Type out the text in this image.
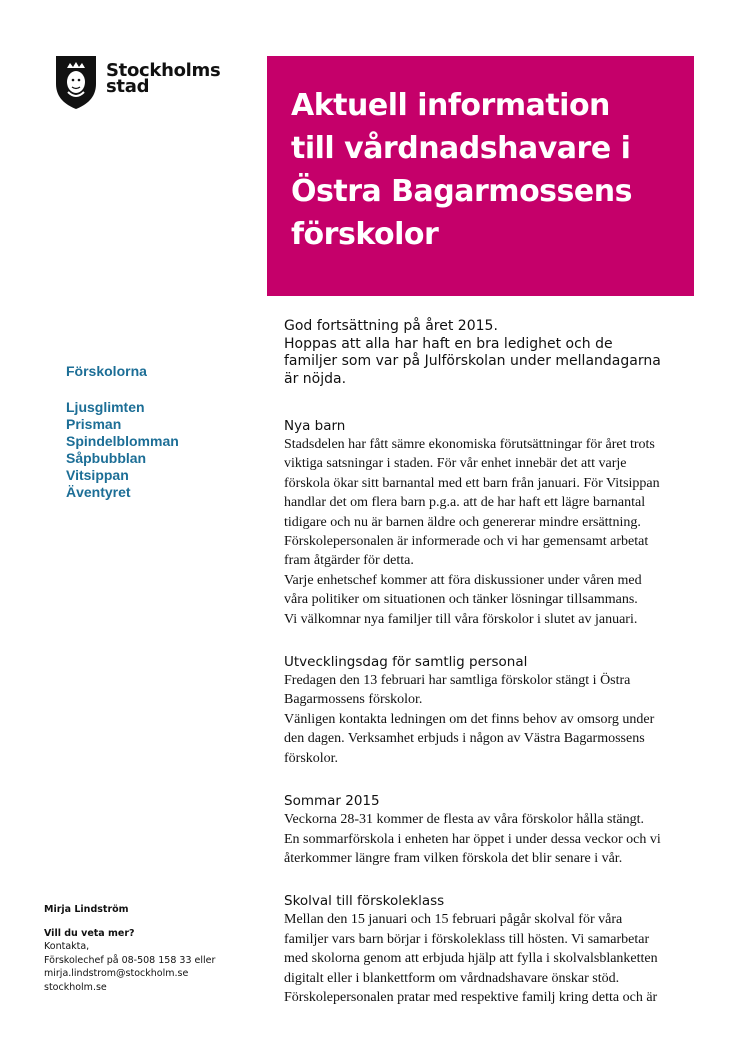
Stockholms
stad
Aktuell information
till vårdnadshavare i
Östra Bagarmossens
förskolor
Förskolorna
Ljusglimten
Prisman
Spindelblomman
Såpbubblan
Vitsippan
Äventyret
Mirja Lindström
Vill du veta mer?
Kontakta,
Förskolechef på 08-508 158 33 eller
mirja.lindstrom@stockholm.se
stockholm.se
God fortsättning på året 2015.
Hoppas att alla har haft en bra ledighet och de
familjer som var på Julförskolan under mellandagarna
är nöjda.
Nya barn

Stadsdelen har fått sämre ekonomiska förutsättningar för året trots

viktiga satsningar i staden. För vår enhet innebär det att varje

förskola ökar sitt barnantal med ett barn från januari. För Vitsippan

handlar det om flera barn p.g.a. att de har haft ett lägre barnantal

tidigare och nu är barnen äldre och genererar mindre ersättning.

Förskolepersonalen är informerade och vi har gemensamt arbetat

fram åtgärder för detta.

Varje enhetschef kommer att föra diskussioner under våren med

våra politiker om situationen och tänker lösningar tillsammans.

Vi välkomnar nya familjer till våra förskolor i slutet av januari.

Utvecklingsdag för samtlig personal

Fredagen den 13 februari har samtliga förskolor stängt i Östra

Bagarmossens förskolor.

Vänligen kontakta ledningen om det finns behov av omsorg under

den dagen. Verksamhet erbjuds i någon av Västra Bagarmossens

förskolor.

Sommar 2015

Veckorna 28-31 kommer de flesta av våra förskolor hålla stängt.

En sommarförskola i enheten har öppet i under dessa veckor och vi

återkommer längre fram vilken förskola det blir senare i vår.

Skolval till förskoleklass

Mellan den 15 januari och 15 februari pågår skolval för våra

familjer vars barn börjar i förskoleklass till hösten. Vi samarbetar

med skolorna genom att erbjuda hjälp att fylla i skolvalsblanketten

digitalt eller i blankettform om vårdnadshavare önskar stöd.

Förskolepersonalen pratar med respektive familj kring detta och är
